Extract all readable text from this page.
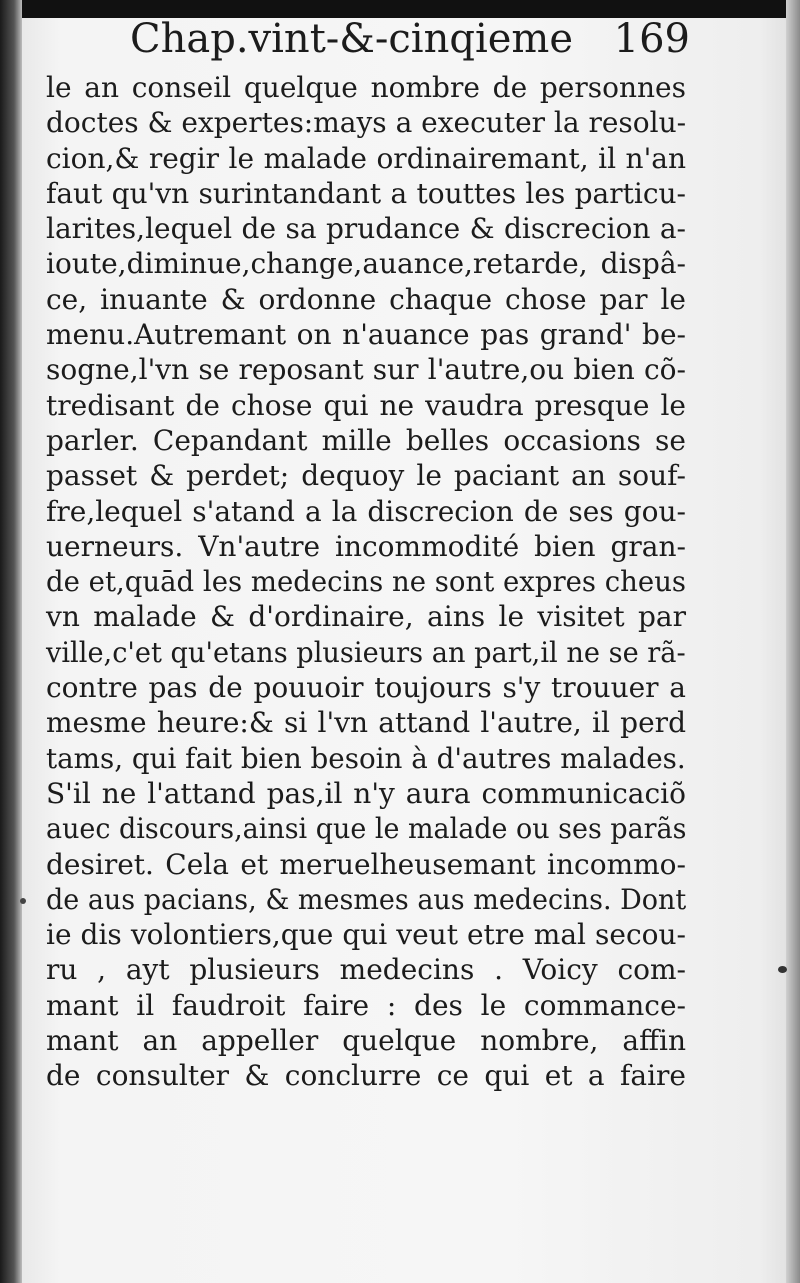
Chap.vint-&-cinqieme 169
le an conseil quelque nombre de personnes
doctes & expertes:mays a executer la resolu-
cion,& regir le malade ordinairemant, il n'an
faut qu'vn surintandant a touttes les particu-
larites,lequel de sa prudance & discrecion a-
ioute,diminue,change,auance,retarde, dispâ-
ce, inuante & ordonne chaque chose par le
menu.Autremant on n'auance pas grand' be-
sogne,l'vn se reposant sur l'autre,ou bien cõ-
tredisant de chose qui ne vaudra presque le
parler. Cepandant mille belles occasions se
passet & perdet; dequoy le paciant an souf-
fre,lequel s'atand a la discrecion de ses gou-
uerneurs. Vn'autre incommodité bien gran-
de et,quād les medecins ne sont expres cheus
vn malade & d'ordinaire, ains le visitet par
ville,c'et qu'etans plusieurs an part,il ne se rã-
contre pas de pouuoir toujours s'y trouuer a
mesme heure:& si l'vn attand l'autre, il perd
tams, qui fait bien besoin à d'autres malades.
S'il ne l'attand pas,il n'y aura communicaciõ
auec discours,ainsi que le malade ou ses parãs
desiret. Cela et meruelheusemant incommo-
de aus pacians, & mesmes aus medecins. Dont
ie dis volontiers,que qui veut etre mal secou-
ru , ayt plusieurs medecins . Voicy com-
mant il faudroit faire : des le commance-
mant an appeller quelque nombre, affin
de consulter & conclurre ce qui et a faire
